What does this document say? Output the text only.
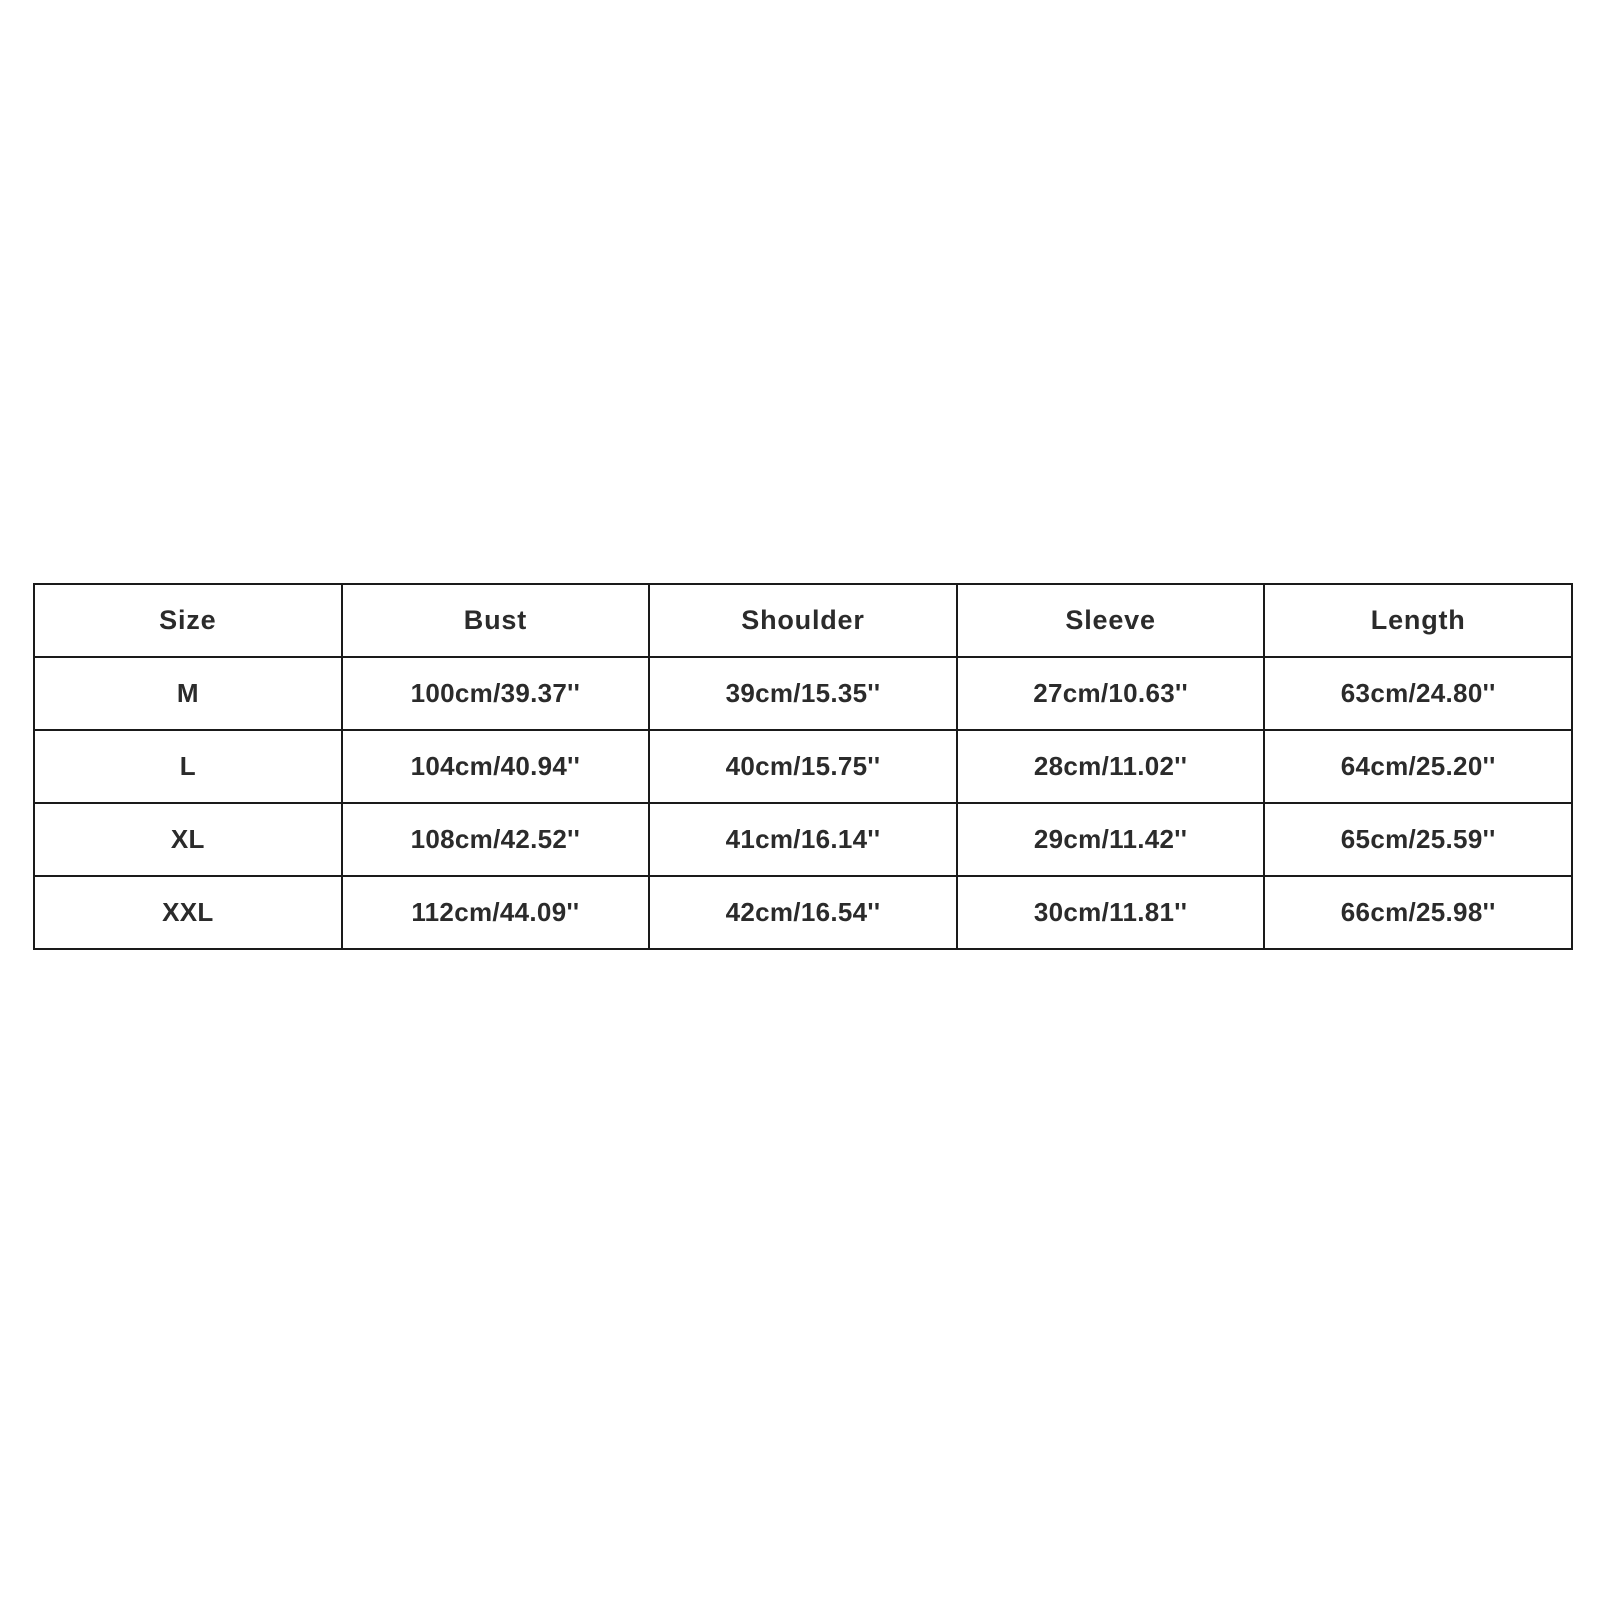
Size	Bust	Shoulder	Sleeve	Length
M	100cm/39.37''	39cm/15.35''	27cm/10.63''	63cm/24.80''
L	104cm/40.94''	40cm/15.75''	28cm/11.02''	64cm/25.20''
XL	108cm/42.52''	41cm/16.14''	29cm/11.42''	65cm/25.59''
XXL	112cm/44.09''	42cm/16.54''	30cm/11.81''	66cm/25.98''
